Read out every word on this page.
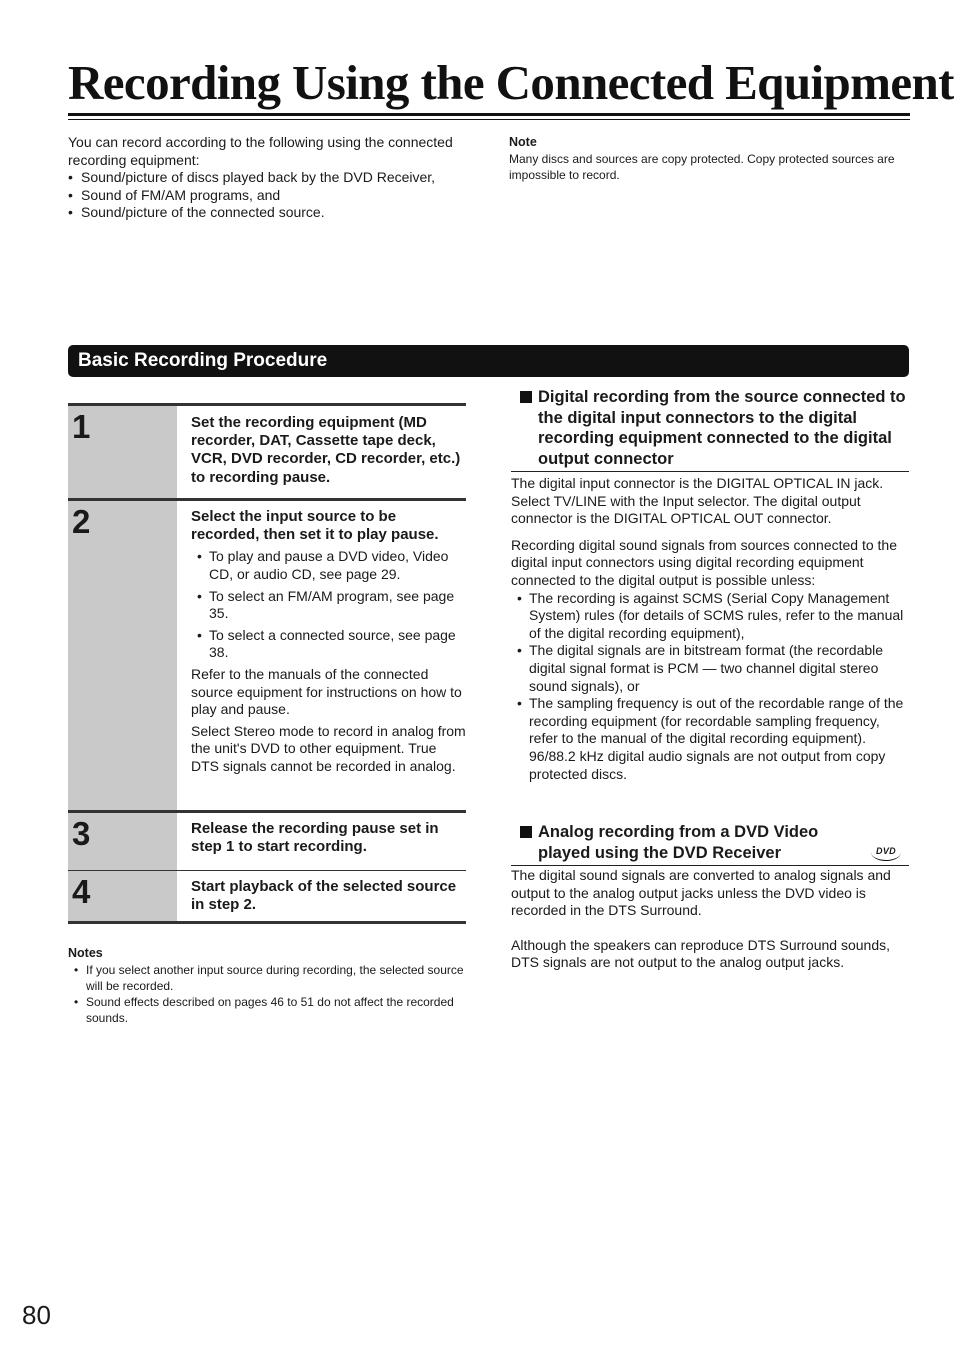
Recording Using the Connected Equipment
You can record according to the following using the connected recording equipment:
• Sound/picture of discs played back by the DVD Receiver,
• Sound of FM/AM programs, and
• Sound/picture of the connected source.
Note
Many discs and sources are copy protected. Copy protected sources are impossible to record.
Basic Recording Procedure
1	Set the recording equipment (MD recorder, DAT, Cassette tape deck, VCR, DVD recorder, CD recorder, etc.) to recording pause.
2	Select the input source to be recorded, then set it to play pause.
• To play and pause a DVD video, Video CD, or audio CD, see page 29.
• To select an FM/AM program, see page 35.
• To select a connected source, see page 38.

Refer to the manuals of the connected source equipment for instructions on how to play and pause.

Select Stereo mode to record in analog from the unit's DVD to other equipment. True DTS signals cannot be recorded in analog.

3	Release the recording pause set in step 1 to start recording.
4	Start playback of the selected source in step 2.
Notes
• If you select another input source during recording, the selected source will be recorded.
• Sound effects described on pages 46 to 51 do not affect the recorded sounds.
Digital recording from the source connected to the digital input connectors to the digital recording equipment connected to the digital output connector

The digital input connector is the DIGITAL OPTICAL IN jack. Select TV/LINE with the Input selector. The digital output connector is the DIGITAL OPTICAL OUT connector.

Recording digital sound signals from sources connected to the digital input connectors using digital recording equipment connected to the digital output is possible unless:

• The recording is against SCMS (Serial Copy Management System) rules (for details of SCMS rules, refer to the manual of the digital recording equipment),
• The digital signals are in bitstream format (the recordable digital signal format is PCM — two channel digital stereo sound signals), or
• The sampling frequency is out of the recordable range of the recording equipment (for recordable sampling frequency, refer to the manual of the digital recording equipment). 96/88.2 kHz digital audio signals are not output from copy protected discs.
Analog recording from a DVD Video played using the DVD Receiver	DVD

The digital sound signals are converted to analog signals and output to the analog output jacks unless the DVD video is recorded in the DTS Surround.

Although the speakers can reproduce DTS Surround sounds, DTS signals are not output to the analog output jacks.

80
